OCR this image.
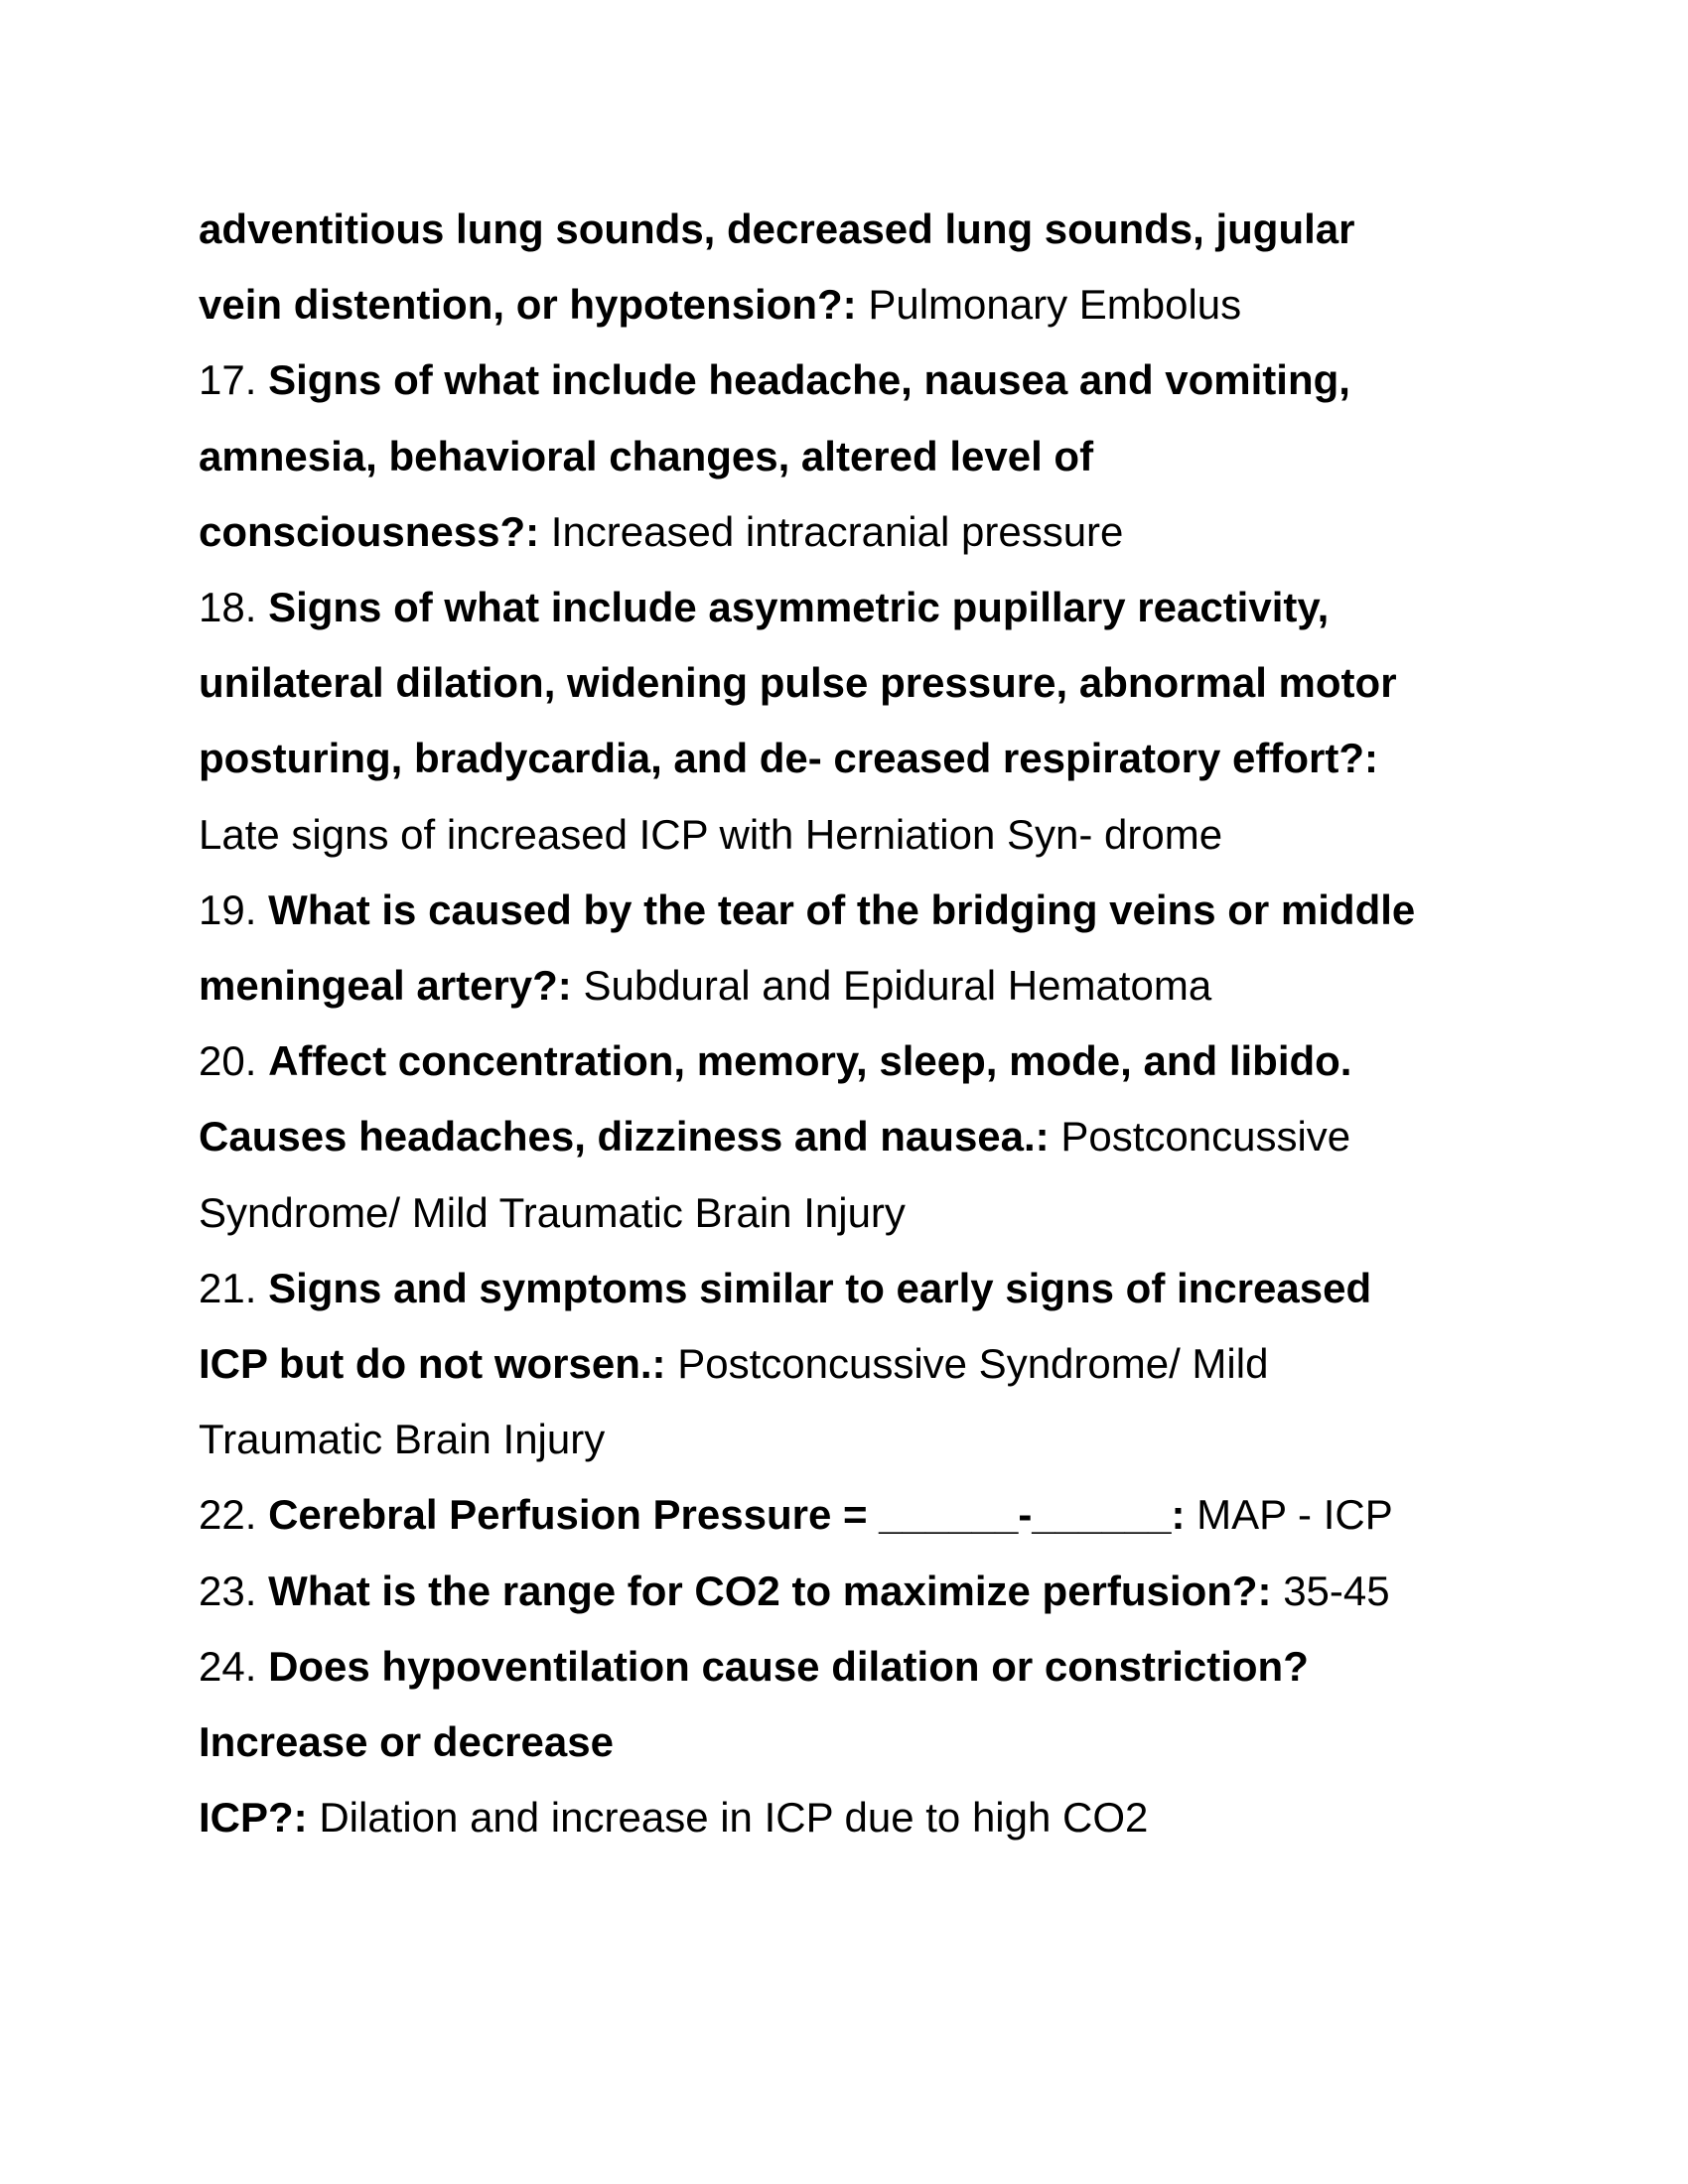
adventitious lung sounds, decreased lung sounds, jugular

vein distention, or hypotension?: Pulmonary Embolus

17. Signs of what include headache, nausea and vomiting,

amnesia, behavioral changes, altered level of

consciousness?: Increased intracranial pressure

18. Signs of what include asymmetric pupillary reactivity,

unilateral dilation, widening pulse pressure, abnormal motor

posturing, bradycardia, and de- creased respiratory effort?:

Late signs of increased ICP with Herniation Syn- drome

19. What is caused by the tear of the bridging veins or middle

meningeal artery?: Subdural and Epidural Hematoma

20. Affect concentration, memory, sleep, mode, and libido.

Causes headaches, dizziness and nausea.: Postconcussive

Syndrome/ Mild Traumatic Brain Injury

21. Signs and symptoms similar to early signs of increased

ICP but do not worsen.: Postconcussive Syndrome/ Mild

Traumatic Brain Injury

22. Cerebral Perfusion Pressure = ______-______: MAP - ICP

23. What is the range for CO2 to maximize perfusion?: 35-45

24. Does hypoventilation cause dilation or constriction?

Increase or decrease

ICP?: Dilation and increase in ICP due to high CO2
